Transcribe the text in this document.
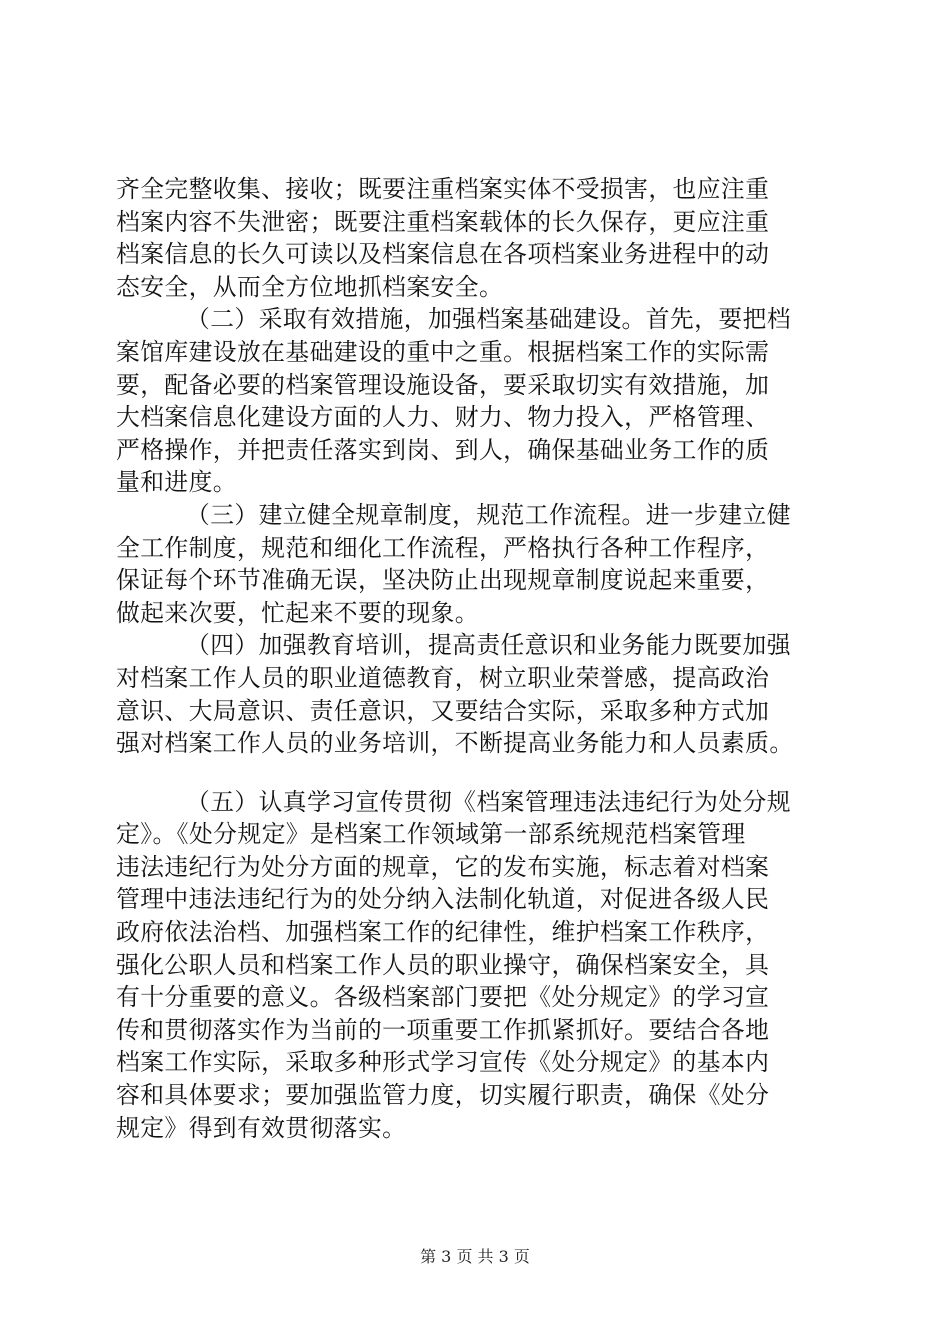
齐全完整收集、接收；既要注重档案实体不受损害，也应注重
档案内容不失泄密；既要注重档案载体的长久保存，更应注重
档案信息的长久可读以及档案信息在各项档案业务进程中的动
态安全，从而全方位地抓档案安全。
（二）采取有效措施，加强档案基础建设。首先，要把档
案馆库建设放在基础建设的重中之重。根据档案工作的实际需
要，配备必要的档案管理设施设备，要采取切实有效措施，加
大档案信息化建设方面的人力、财力、物力投入，严格管理、
严格操作，并把责任落实到岗、到人，确保基础业务工作的质
量和进度。
（三）建立健全规章制度，规范工作流程。进一步建立健
全工作制度，规范和细化工作流程，严格执行各种工作程序，
保证每个环节准确无误，坚决防止出现规章制度说起来重要，
做起来次要，忙起来不要的现象。
（四）加强教育培训，提高责任意识和业务能力既要加强
对档案工作人员的职业道德教育，树立职业荣誉感，提高政治
意识、大局意识、责任意识，又要结合实际，采取多种方式加
强对档案工作人员的业务培训，不断提高业务能力和人员素质。
（五）认真学习宣传贯彻《档案管理违法违纪行为处分规
定》。《处分规定》是档案工作领域第一部系统规范档案管理
违法违纪行为处分方面的规章，它的发布实施，标志着对档案
管理中违法违纪行为的处分纳入法制化轨道，对促进各级人民
政府依法治档、加强档案工作的纪律性，维护档案工作秩序，
强化公职人员和档案工作人员的职业操守，确保档案安全，具
有十分重要的意义。各级档案部门要把《处分规定》的学习宣
传和贯彻落实作为当前的一项重要工作抓紧抓好。要结合各地
档案工作实际，采取多种形式学习宣传《处分规定》的基本内
容和具体要求；要加强监管力度，切实履行职责，确保《处分
规定》得到有效贯彻落实。
第 3 页 共 3 页
